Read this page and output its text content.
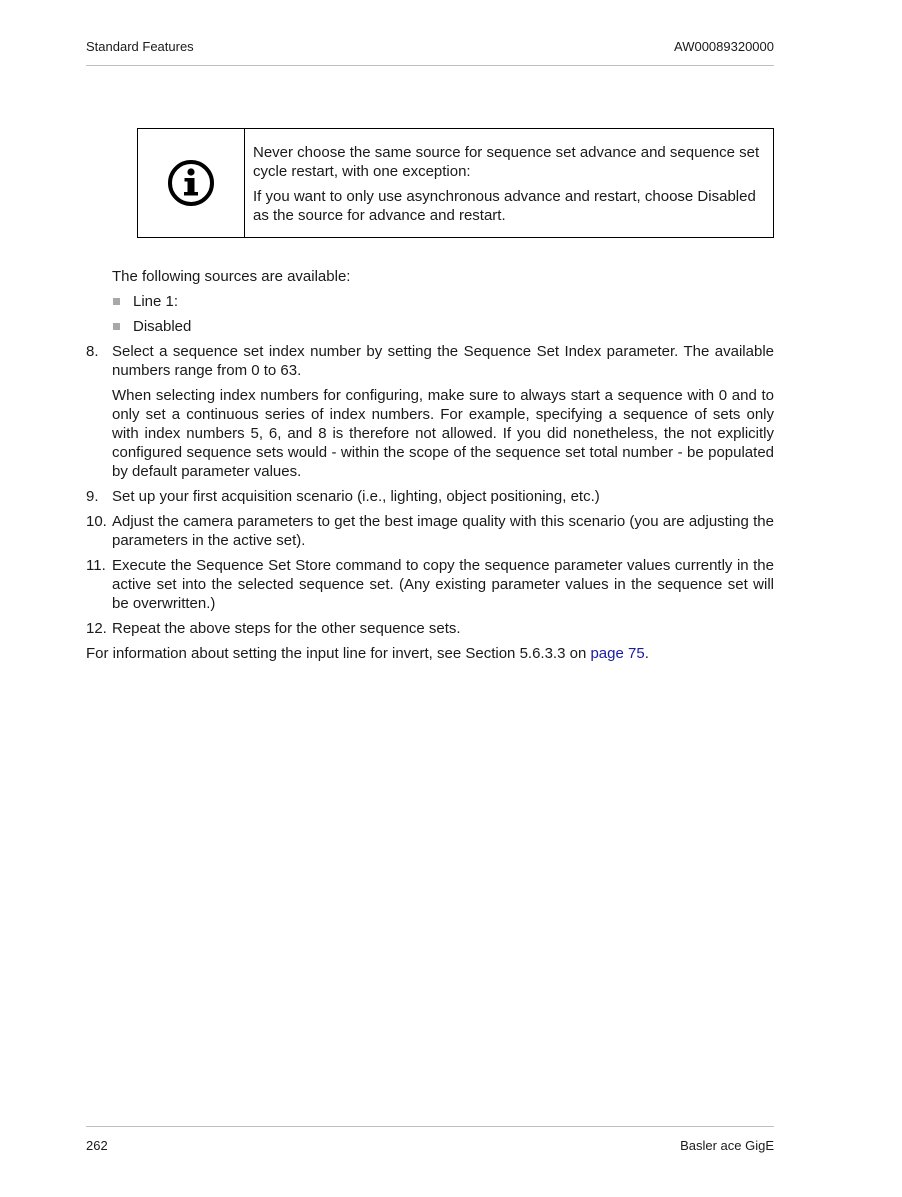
Standard Features	AW00089320000

Never choose the same source for sequence set advance and sequence set cycle restart, with one exception:

If you want to only use asynchronous advance and restart, choose Disabled as the source for advance and restart.

The following sources are available:

Line 1:
Disabled
8. Select a sequence set index number by setting the Sequence Set Index parameter. The available numbers range from 0 to 63.

When selecting index numbers for configuring, make sure to always start a sequence with 0 and to only set a continuous series of index numbers. For example, specifying a sequence of sets only with index numbers 5, 6, and 8 is therefore not allowed. If you did nonetheless, the not explicitly configured sequence sets would - within the scope of the sequence set total number - be populated by default parameter values.

9. Set up your first acquisition scenario (i.e., lighting, object positioning, etc.)

10. Adjust the camera parameters to get the best image quality with this scenario (you are adjusting the parameters in the active set).

11. Execute the Sequence Set Store command to copy the sequence parameter values currently in the active set into the selected sequence set. (Any existing parameter values in the sequence set will be overwritten.)

12. Repeat the above steps for the other sequence sets.

For information about setting the input line for invert, see Section 5.6.3.3 on page 75.

262	Basler ace GigE
